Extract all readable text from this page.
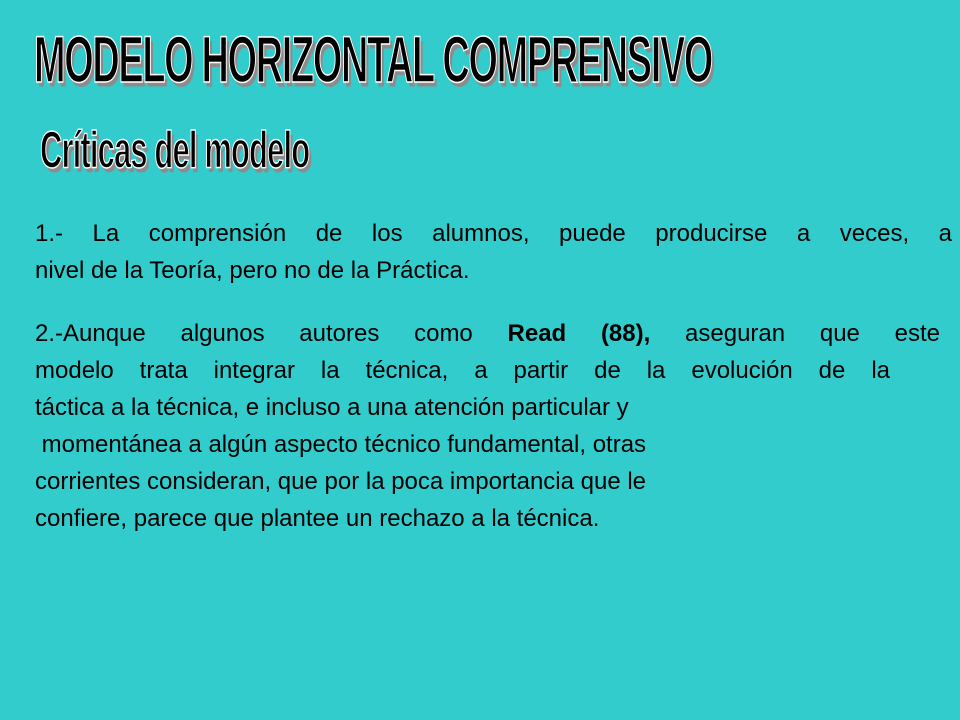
MODELO HORIZONTAL COMPRENSIVO
Críticas del modelo

1.- La comprensión de los alumnos, puede producirse a veces, a
nivel de la Teoría, pero no de la Práctica.

2.-Aunque algunos autores como Read (88), aseguran que este
modelo trata integrar la técnica, a partir de la evolución de la
táctica a la técnica, e incluso a una atención particular y
momentánea a algún aspecto técnico fundamental, otras
corrientes consideran, que por la poca importancia que le
confiere, parece que plantee un rechazo a la técnica.
